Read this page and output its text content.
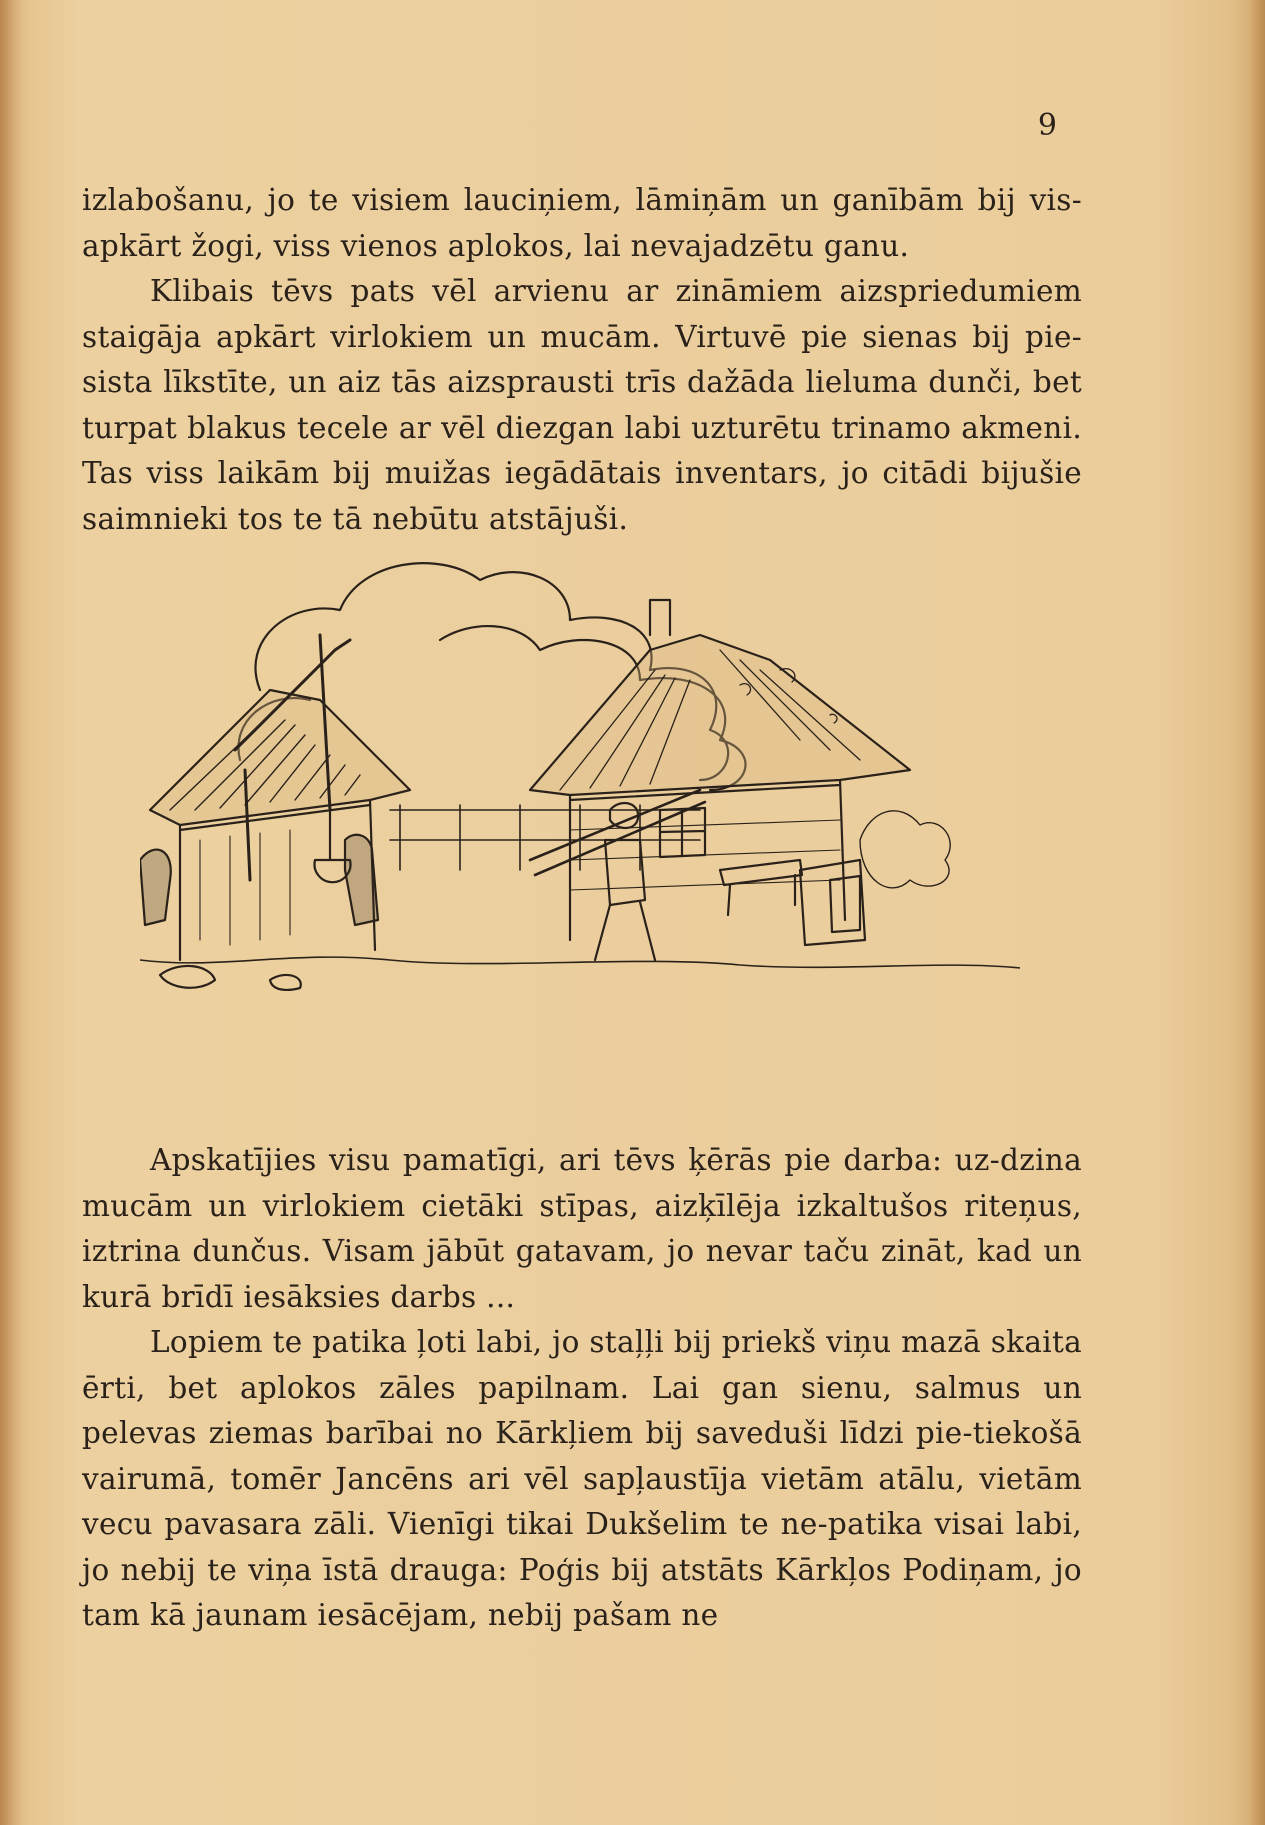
9

izlabošanu, jo te visiem lauciņiem, lāmiņām un ganībām bij vis-apkārt žogi, viss vienos aplokos, lai nevajadzētu ganu.

Klibais tēvs pats vēl arvienu ar zināmiem aizspriedumiem staigāja apkārt virlokiem un mucām. Virtuvē pie sienas bij pie-sista līkstīte, un aiz tās aizsprausti trīs dažāda lieluma dunči, bet turpat blakus tecele ar vēl diezgan labi uzturētu trinamo akmeni. Tas viss laikām bij muižas iegādātais inventars, jo citādi bijušie saimnieki tos te tā nebūtu atstājuši.

Apskatījies visu pamatīgi, ari tēvs ķērās pie darba: uz-dzina mucām un virlokiem cietāki stīpas, aizķīlēja izkaltušos riteņus, iztrina dunčus. Visam jābūt gatavam, jo nevar taču zināt, kad un kurā brīdī iesāksies darbs ...

Lopiem te patika ļoti labi, jo staļļi bij priekš viņu mazā skaita ērti, bet aplokos zāles papilnam. Lai gan sienu, salmus un pelevas ziemas barībai no Kārkļiem bij saveduši līdzi pie-tiekošā vairumā, tomēr Jancēns ari vēl sapļaustīja vietām atālu, vietām vecu pavasara zāli. Vienīgi tikai Dukšelim te ne-patika visai labi, jo nebij te viņa īstā drauga: Poģis bij atstāts Kārkļos Podiņam, jo tam kā jaunam iesācējam, nebij pašam ne
